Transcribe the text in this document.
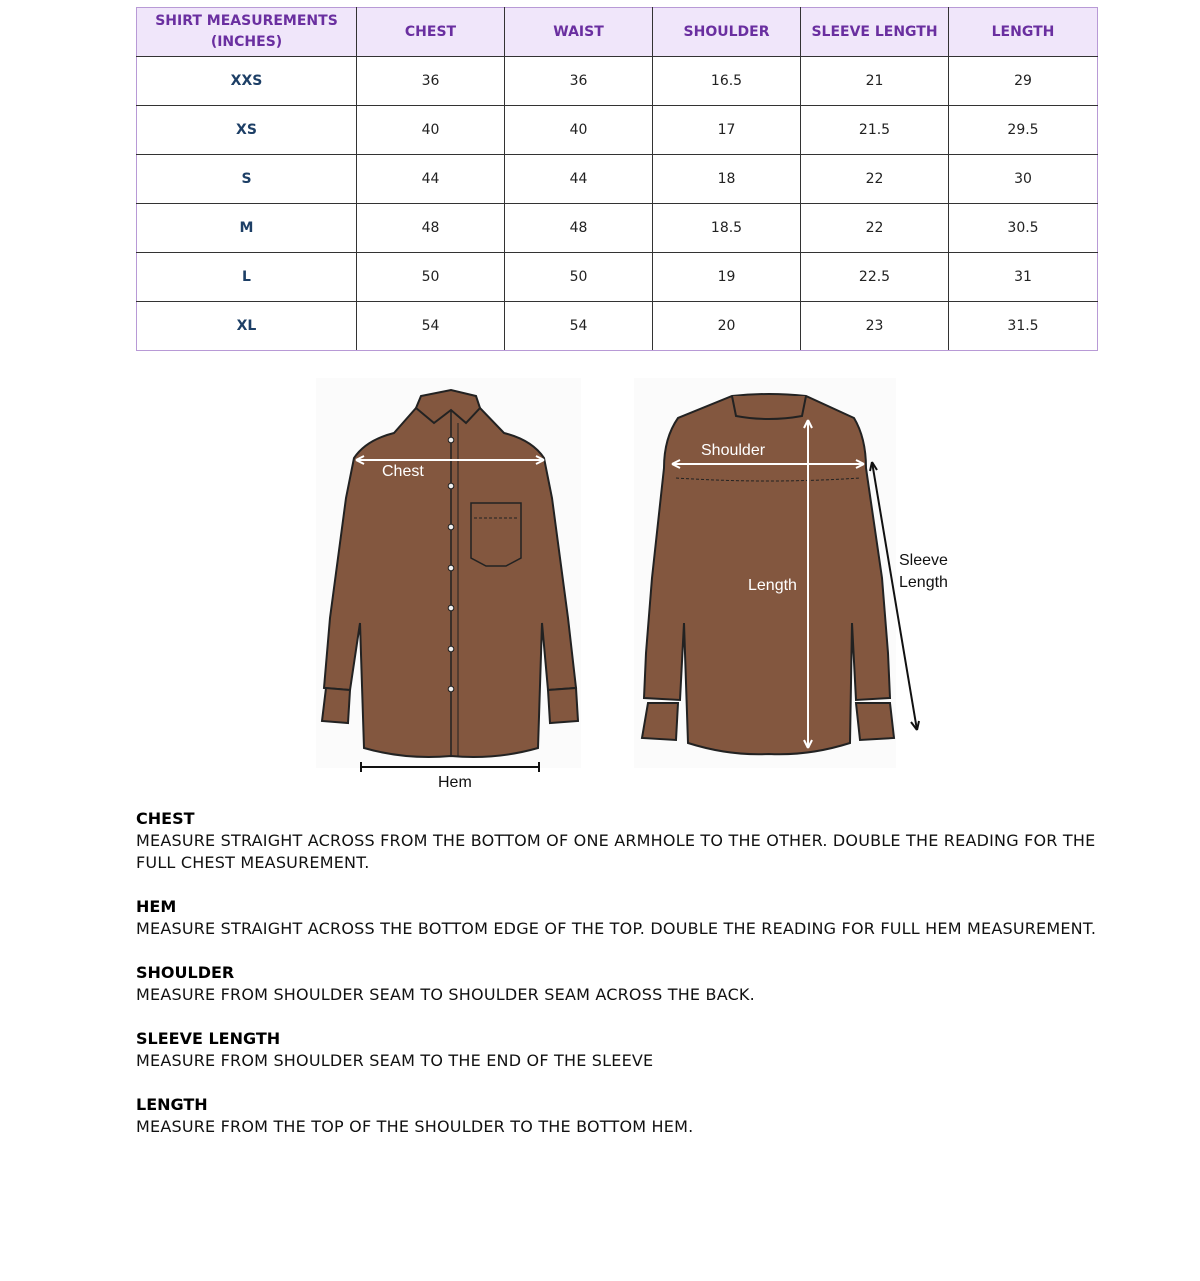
SHIRT MEASUREMENTS (INCHES)	CHEST	WAIST	SHOULDER	SLEEVE LENGTH	LENGTH
XXS	36	36	16.5	21	29
XS	40	40	17	21.5	29.5
S	44	44	18	22	30
M	48	48	18.5	22	30.5
L	50	50	19	22.5	31
XL	54	54	20	23	31.5
Chest
Hem
Shoulder
Length
Sleeve
Length
CHEST
MEASURE STRAIGHT ACROSS FROM THE BOTTOM OF ONE ARMHOLE TO THE OTHER. DOUBLE THE READING FOR THE FULL CHEST MEASUREMENT.
HEM
MEASURE STRAIGHT ACROSS THE BOTTOM EDGE OF THE TOP. DOUBLE THE READING FOR FULL HEM MEASUREMENT.
SHOULDER
MEASURE FROM SHOULDER SEAM TO SHOULDER SEAM ACROSS THE BACK.
SLEEVE LENGTH
MEASURE FROM SHOULDER SEAM TO THE END OF THE SLEEVE
LENGTH
MEASURE FROM THE TOP OF THE SHOULDER TO THE BOTTOM HEM.
